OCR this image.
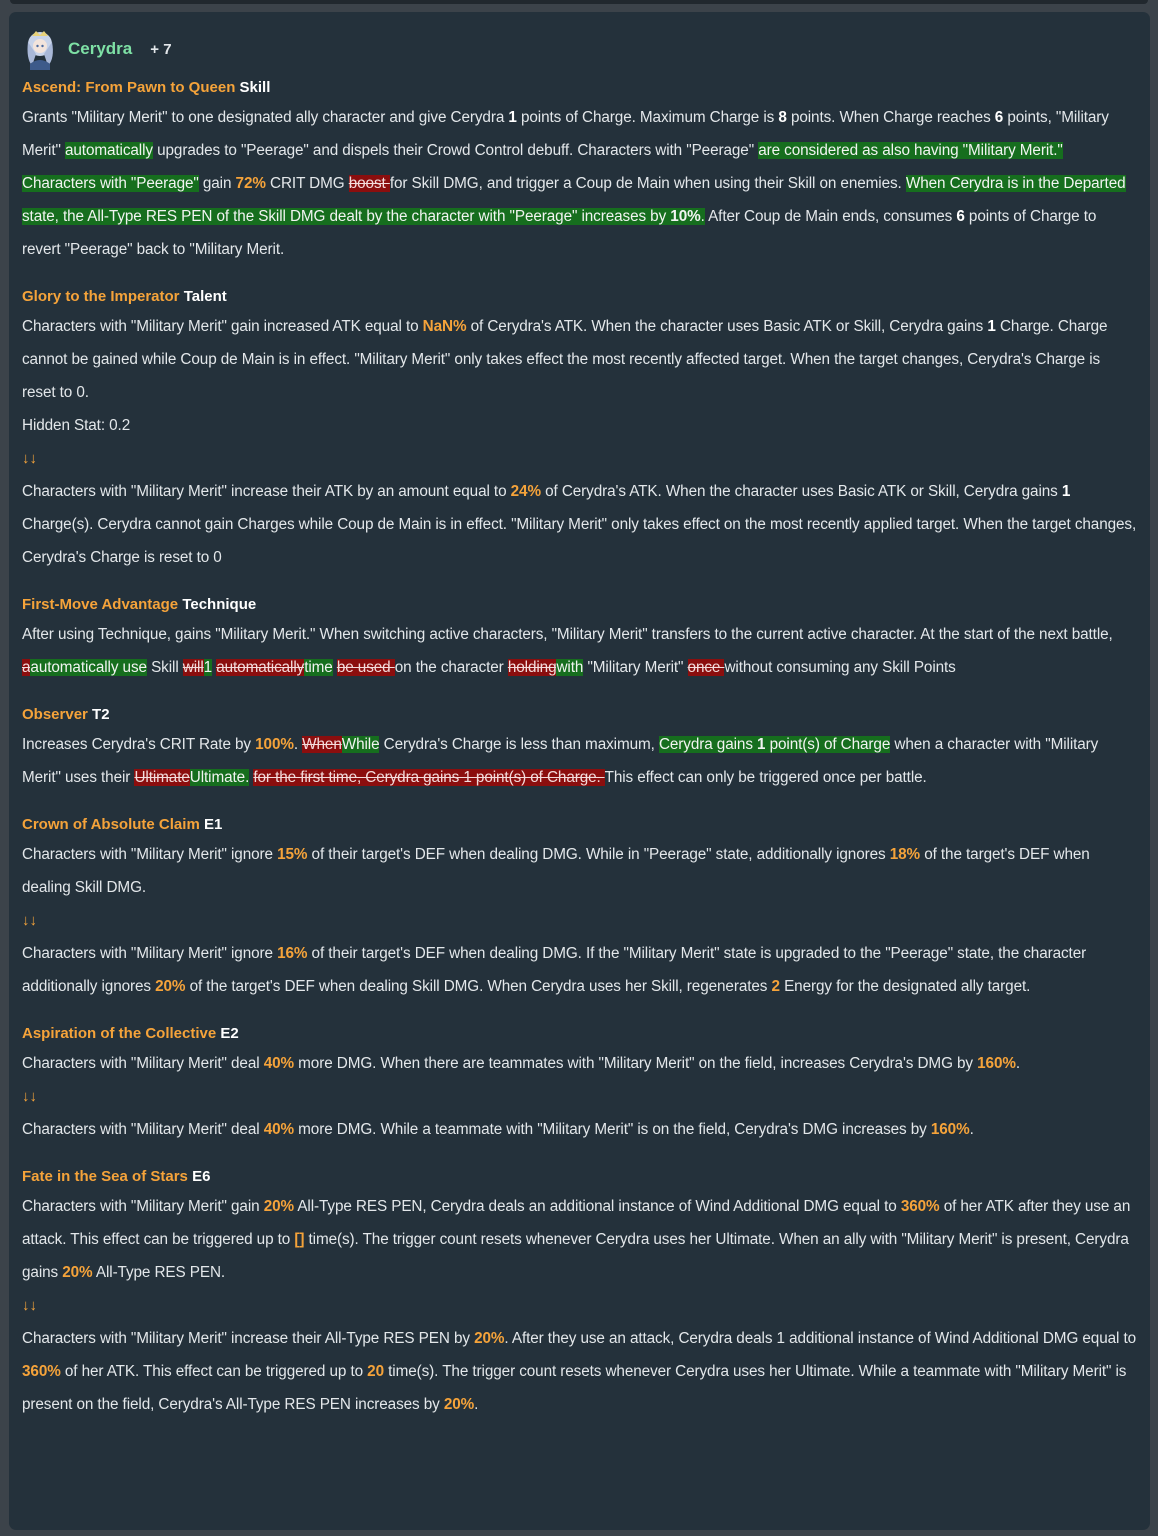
Cerydra + 7
Ascend: From Pawn to Queen Skill
Grants "Military Merit" to one designated ally character and give Cerydra 1 points of Charge. Maximum Charge is 8 points. When Charge reaches 6 points, "Military Merit" automatically upgrades to "Peerage" and dispels their Crowd Control debuff. Characters with "Peerage" are considered as also having "Military Merit." Characters with "Peerage" gain 72% CRIT DMG boost for Skill DMG, and trigger a Coup de Main when using their Skill on enemies. When Cerydra is in the Departed state, the All-Type RES PEN of the Skill DMG dealt by the character with "Peerage" increases by 10%. After Coup de Main ends, consumes 6 points of Charge to revert "Peerage" back to "Military Merit.
Glory to the Imperator Talent
Characters with "Military Merit" gain increased ATK equal to NaN% of Cerydra's ATK. When the character uses Basic ATK or Skill, Cerydra gains 1 Charge. Charge cannot be gained while Coup de Main is in effect. "Military Merit" only takes effect the most recently affected target. When the target changes, Cerydra's Charge is reset to 0.
Hidden Stat: 0.2
↓↓
Characters with "Military Merit" increase their ATK by an amount equal to 24% of Cerydra's ATK. When the character uses Basic ATK or Skill, Cerydra gains 1 Charge(s). Cerydra cannot gain Charges while Coup de Main is in effect. "Military Merit" only takes effect on the most recently applied target. When the target changes, Cerydra's Charge is reset to 0
First-Move Advantage Technique
After using Technique, gains "Military Merit." When switching active characters, "Military Merit" transfers to the current active character. At the start of the next battle, aautomatically use Skill will1 automaticallytime be used on the character holdingwith "Military Merit" once without consuming any Skill Points
Observer T2
Increases Cerydra's CRIT Rate by 100%. WhenWhile Cerydra's Charge is less than maximum, Cerydra gains 1 point(s) of Charge when a character with "Military Merit" uses their UltimateUltimate. for the first time, Cerydra gains 1 point(s) of Charge. This effect can only be triggered once per battle.
Crown of Absolute Claim E1
Characters with "Military Merit" ignore 15% of their target's DEF when dealing DMG. While in "Peerage" state, additionally ignores 18% of the target's DEF when dealing Skill DMG.
↓↓
Characters with "Military Merit" ignore 16% of their target's DEF when dealing DMG. If the "Military Merit" state is upgraded to the "Peerage" state, the character additionally ignores 20% of the target's DEF when dealing Skill DMG. When Cerydra uses her Skill, regenerates 2 Energy for the designated ally target.
Aspiration of the Collective E2
Characters with "Military Merit" deal 40% more DMG. When there are teammates with "Military Merit" on the field, increases Cerydra's DMG by 160%.
↓↓
Characters with "Military Merit" deal 40% more DMG. While a teammate with "Military Merit" is on the field, Cerydra's DMG increases by 160%.
Fate in the Sea of Stars E6
Characters with "Military Merit" gain 20% All-Type RES PEN, Cerydra deals an additional instance of Wind Additional DMG equal to 360% of her ATK after they use an attack. This effect can be triggered up to [] time(s). The trigger count resets whenever Cerydra uses her Ultimate. When an ally with "Military Merit" is present, Cerydra gains 20% All-Type RES PEN.
↓↓
Characters with "Military Merit" increase their All-Type RES PEN by 20%. After they use an attack, Cerydra deals 1 additional instance of Wind Additional DMG equal to 360% of her ATK. This effect can be triggered up to 20 time(s). The trigger count resets whenever Cerydra uses her Ultimate. While a teammate with "Military Merit" is present on the field, Cerydra's All-Type RES PEN increases by 20%.
